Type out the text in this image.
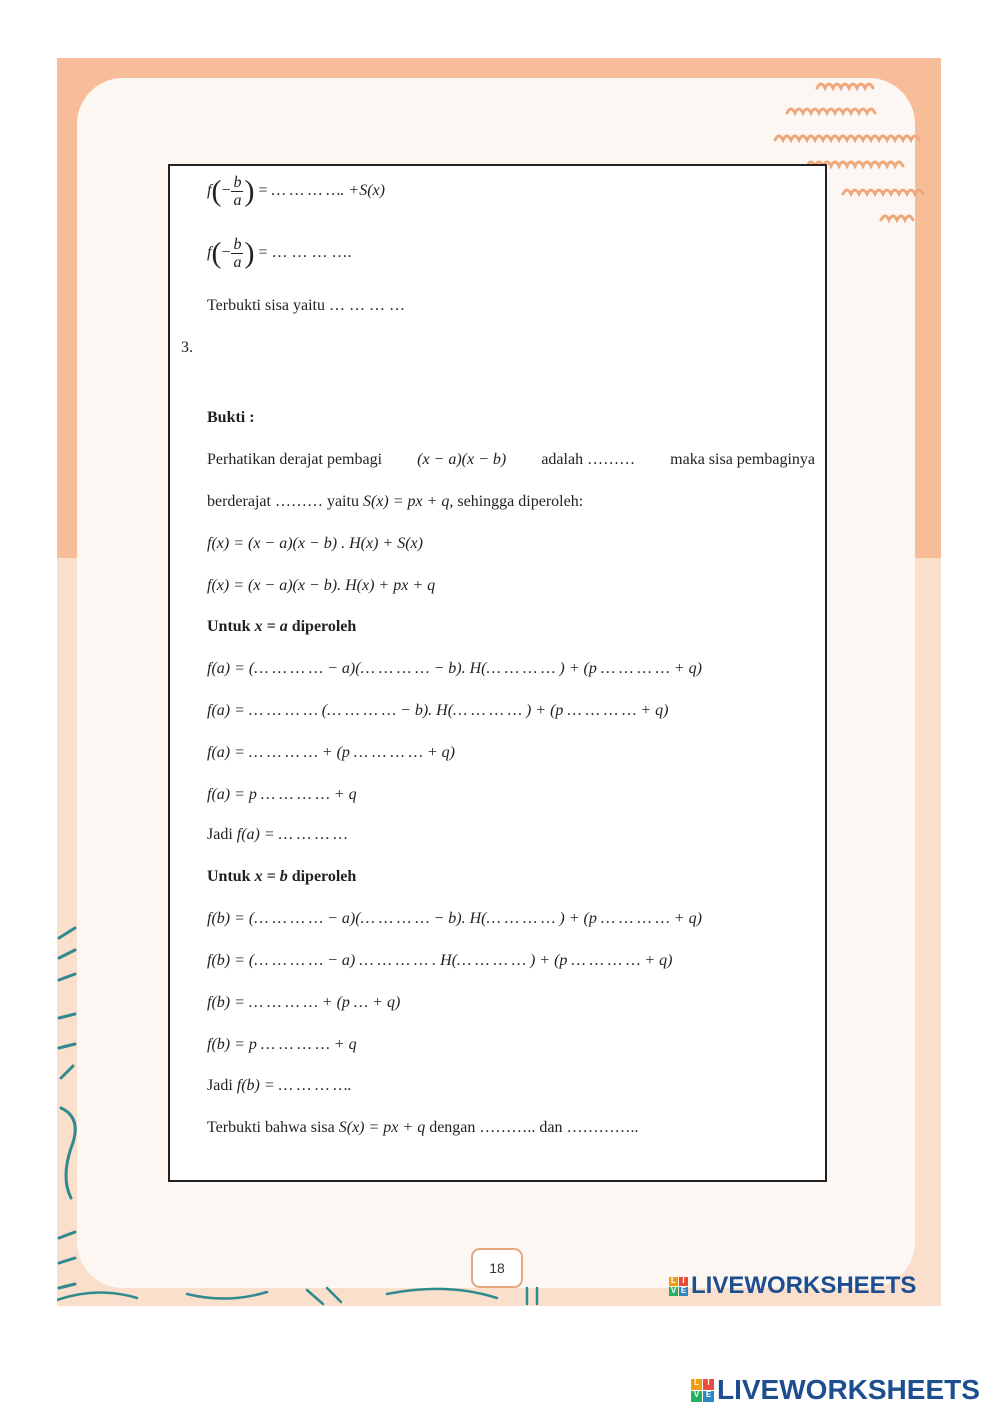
$f(- \frac{b}{a}$ ) = … … … …. +S(x)
$f(- \frac{b}{a}$ ) = … … … ….
Terbukti sisa yaitu … … … …
3.
Bukti :
Perhatikan derajat pembagi (x − a)(x − b) adalah ……… maka sisa pembaginya
berderajat ……… yaitu S(x) = px + q, sehingga diperoleh:
f(x) = (x − a)(x − b) . H(x) + S(x)
f(x) = (x − a)(x − b). H(x) + px + q
Untuk x = a diperoleh
f(a) = (… … … … − a)(… … … … − b). H(… … … … ) + (p … … … … + q)
f(a) = … … … … (… … … … − b). H(… … … … ) + (p … … … … + q)
f(a) = … … … … + (p … … … … + q)
f(a) = p … … … … + q
Jadi f(a) = … … … …
Untuk x = b diperoleh
f(b) = (… … … … − a)(… … … … − b). H(… … … … ) + (p … … … … + q)
f(b) = (… … … … − a) … … … … . H(… … … … ) + (p … … … … + q)
f(b) = … … … … + (p … + q)
f(b) = p … … … … + q
Jadi f(b) = … … … ….
Terbukti bahwa sisa S(x) = px + q dengan ……….. dan …………..
18
L I
V E LIVEWORKSHEETS
L	I
V E LIVEWORKSHEETS
